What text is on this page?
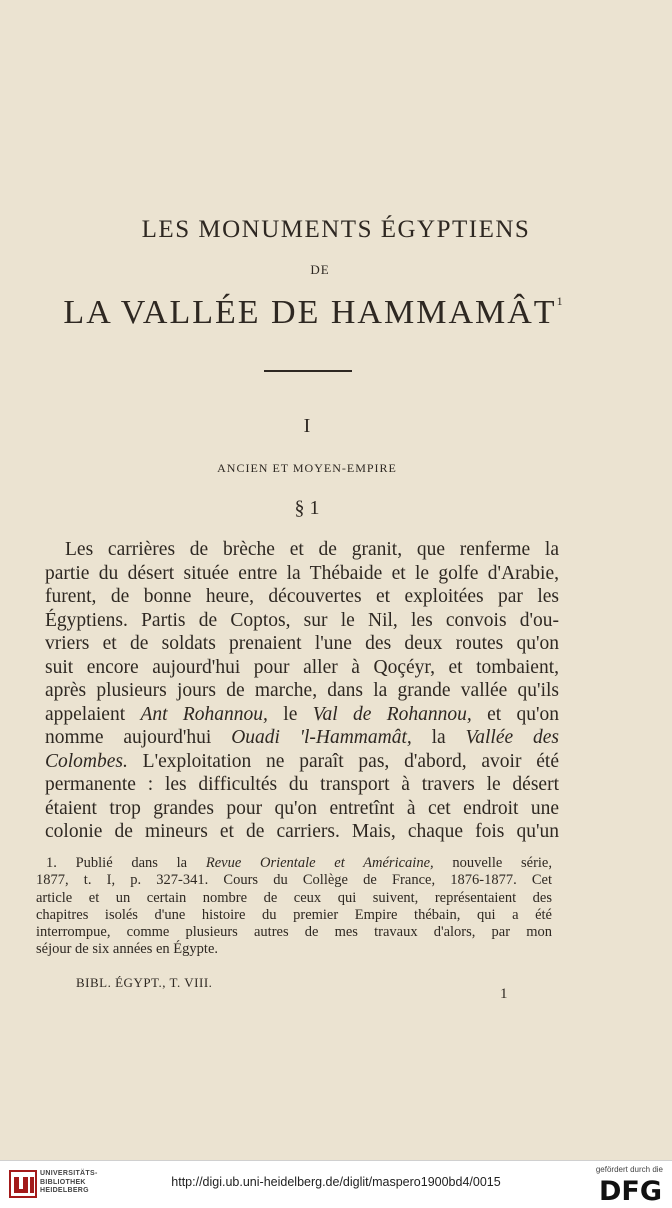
LES MONUMENTS ÉGYPTIENS
DE
LA VALLÉE DE HAMMAMÂT$^1$
I
ANCIEN ET MOYEN-EMPIRE
§ 1
Les carrières de brèche et de granit, que renferme la
partie du désert située entre la Thébaide et le golfe d'Arabie,
furent, de bonne heure, découvertes et exploitées par les
Égyptiens. Partis de Coptos, sur le Nil, les convois d'ou-
vriers et de soldats prenaient l'une des deux routes qu'on
suit encore aujourd'hui pour aller à Qoçéyr, et tombaient,
après plusieurs jours de marche, dans la grande vallée qu'ils
appelaient Ant Rohannou, le Val de Rohannou, et qu'on
nomme aujourd'hui Ouadi 'l-Hammamât, la Vallée des
Colombes. L'exploitation ne paraît pas, d'abord, avoir été
permanente : les difficultés du transport à travers le désert
étaient trop grandes pour qu'on entretînt à cet endroit une
colonie de mineurs et de carriers. Mais, chaque fois qu'un
1. Publié dans la Revue Orientale et Américaine, nouvelle série,
1877, t. I, p. 327-341. Cours du Collège de France, 1876-1877. Cet
article et un certain nombre de ceux qui suivent, représentaient des
chapitres isolés d'une histoire du premier Empire thébain, qui a été
interrompue, comme plusieurs autres de mes travaux d'alors, par mon
séjour de six années en Égypte.
BIBL. ÉGYPT., T. VIII.
1
UNIVERSITÄTS-
BIBLIOTHEK
HEIDELBERG
http://digi.ub.uni-heidelberg.de/diglit/maspero1900bd4/0015
gefördert durch die
DFG
